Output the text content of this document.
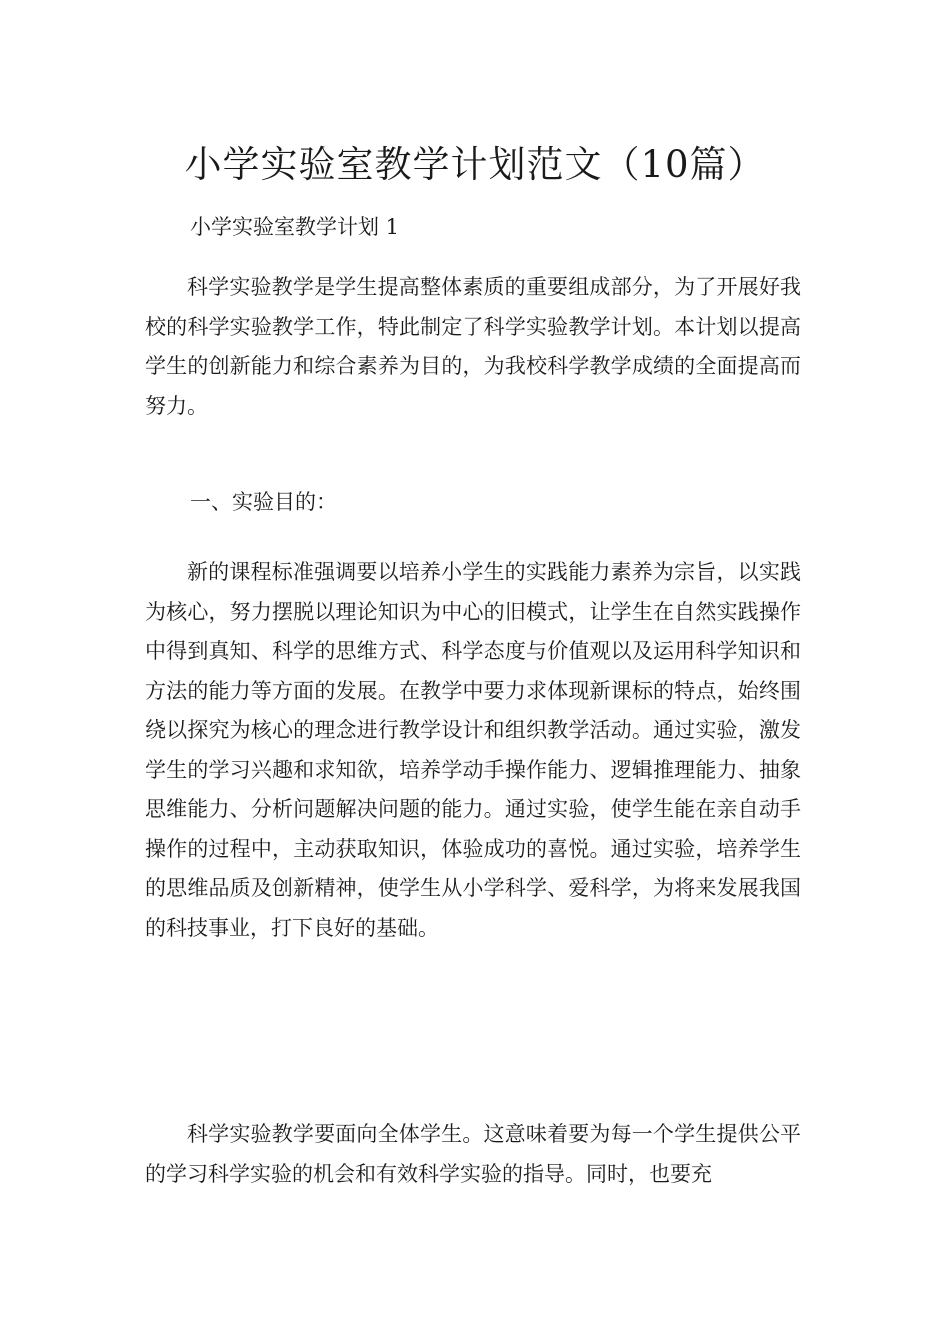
小学实验室教学计划范文（10篇）
小学实验室教学计划 1

科学实验教学是学生提高整体素质的重要组成部分，为了开展好我校的科学实验教学工作，特此制定了科学实验教学计划。本计划以提高学生的创新能力和综合素养为目的，为我校科学教学成绩的全面提高而努力。

一、实验目的：

新的课程标准强调要以培养小学生的实践能力素养为宗旨，以实践为核心，努力摆脱以理论知识为中心的旧模式，让学生在自然实践操作中得到真知、科学的思维方式、科学态度与价值观以及运用科学知识和方法的能力等方面的发展。在教学中要力求体现新课标的特点，始终围绕以探究为核心的理念进行教学设计和组织教学活动。通过实验，激发学生的学习兴趣和求知欲，培养学动手操作能力、逻辑推理能力、抽象思维能力、分析问题解决问题的能力。通过实验，使学生能在亲自动手操作的过程中，主动获取知识，体验成功的喜悦。通过实验，培养学生的思维品质及创新精神，使学生从小学科学、爱科学，为将来发展我国的科技事业，打下良好的基础。

科学实验教学要面向全体学生。这意味着要为每一个学生提供公平的学习科学实验的机会和有效科学实验的指导。同时，也要充
